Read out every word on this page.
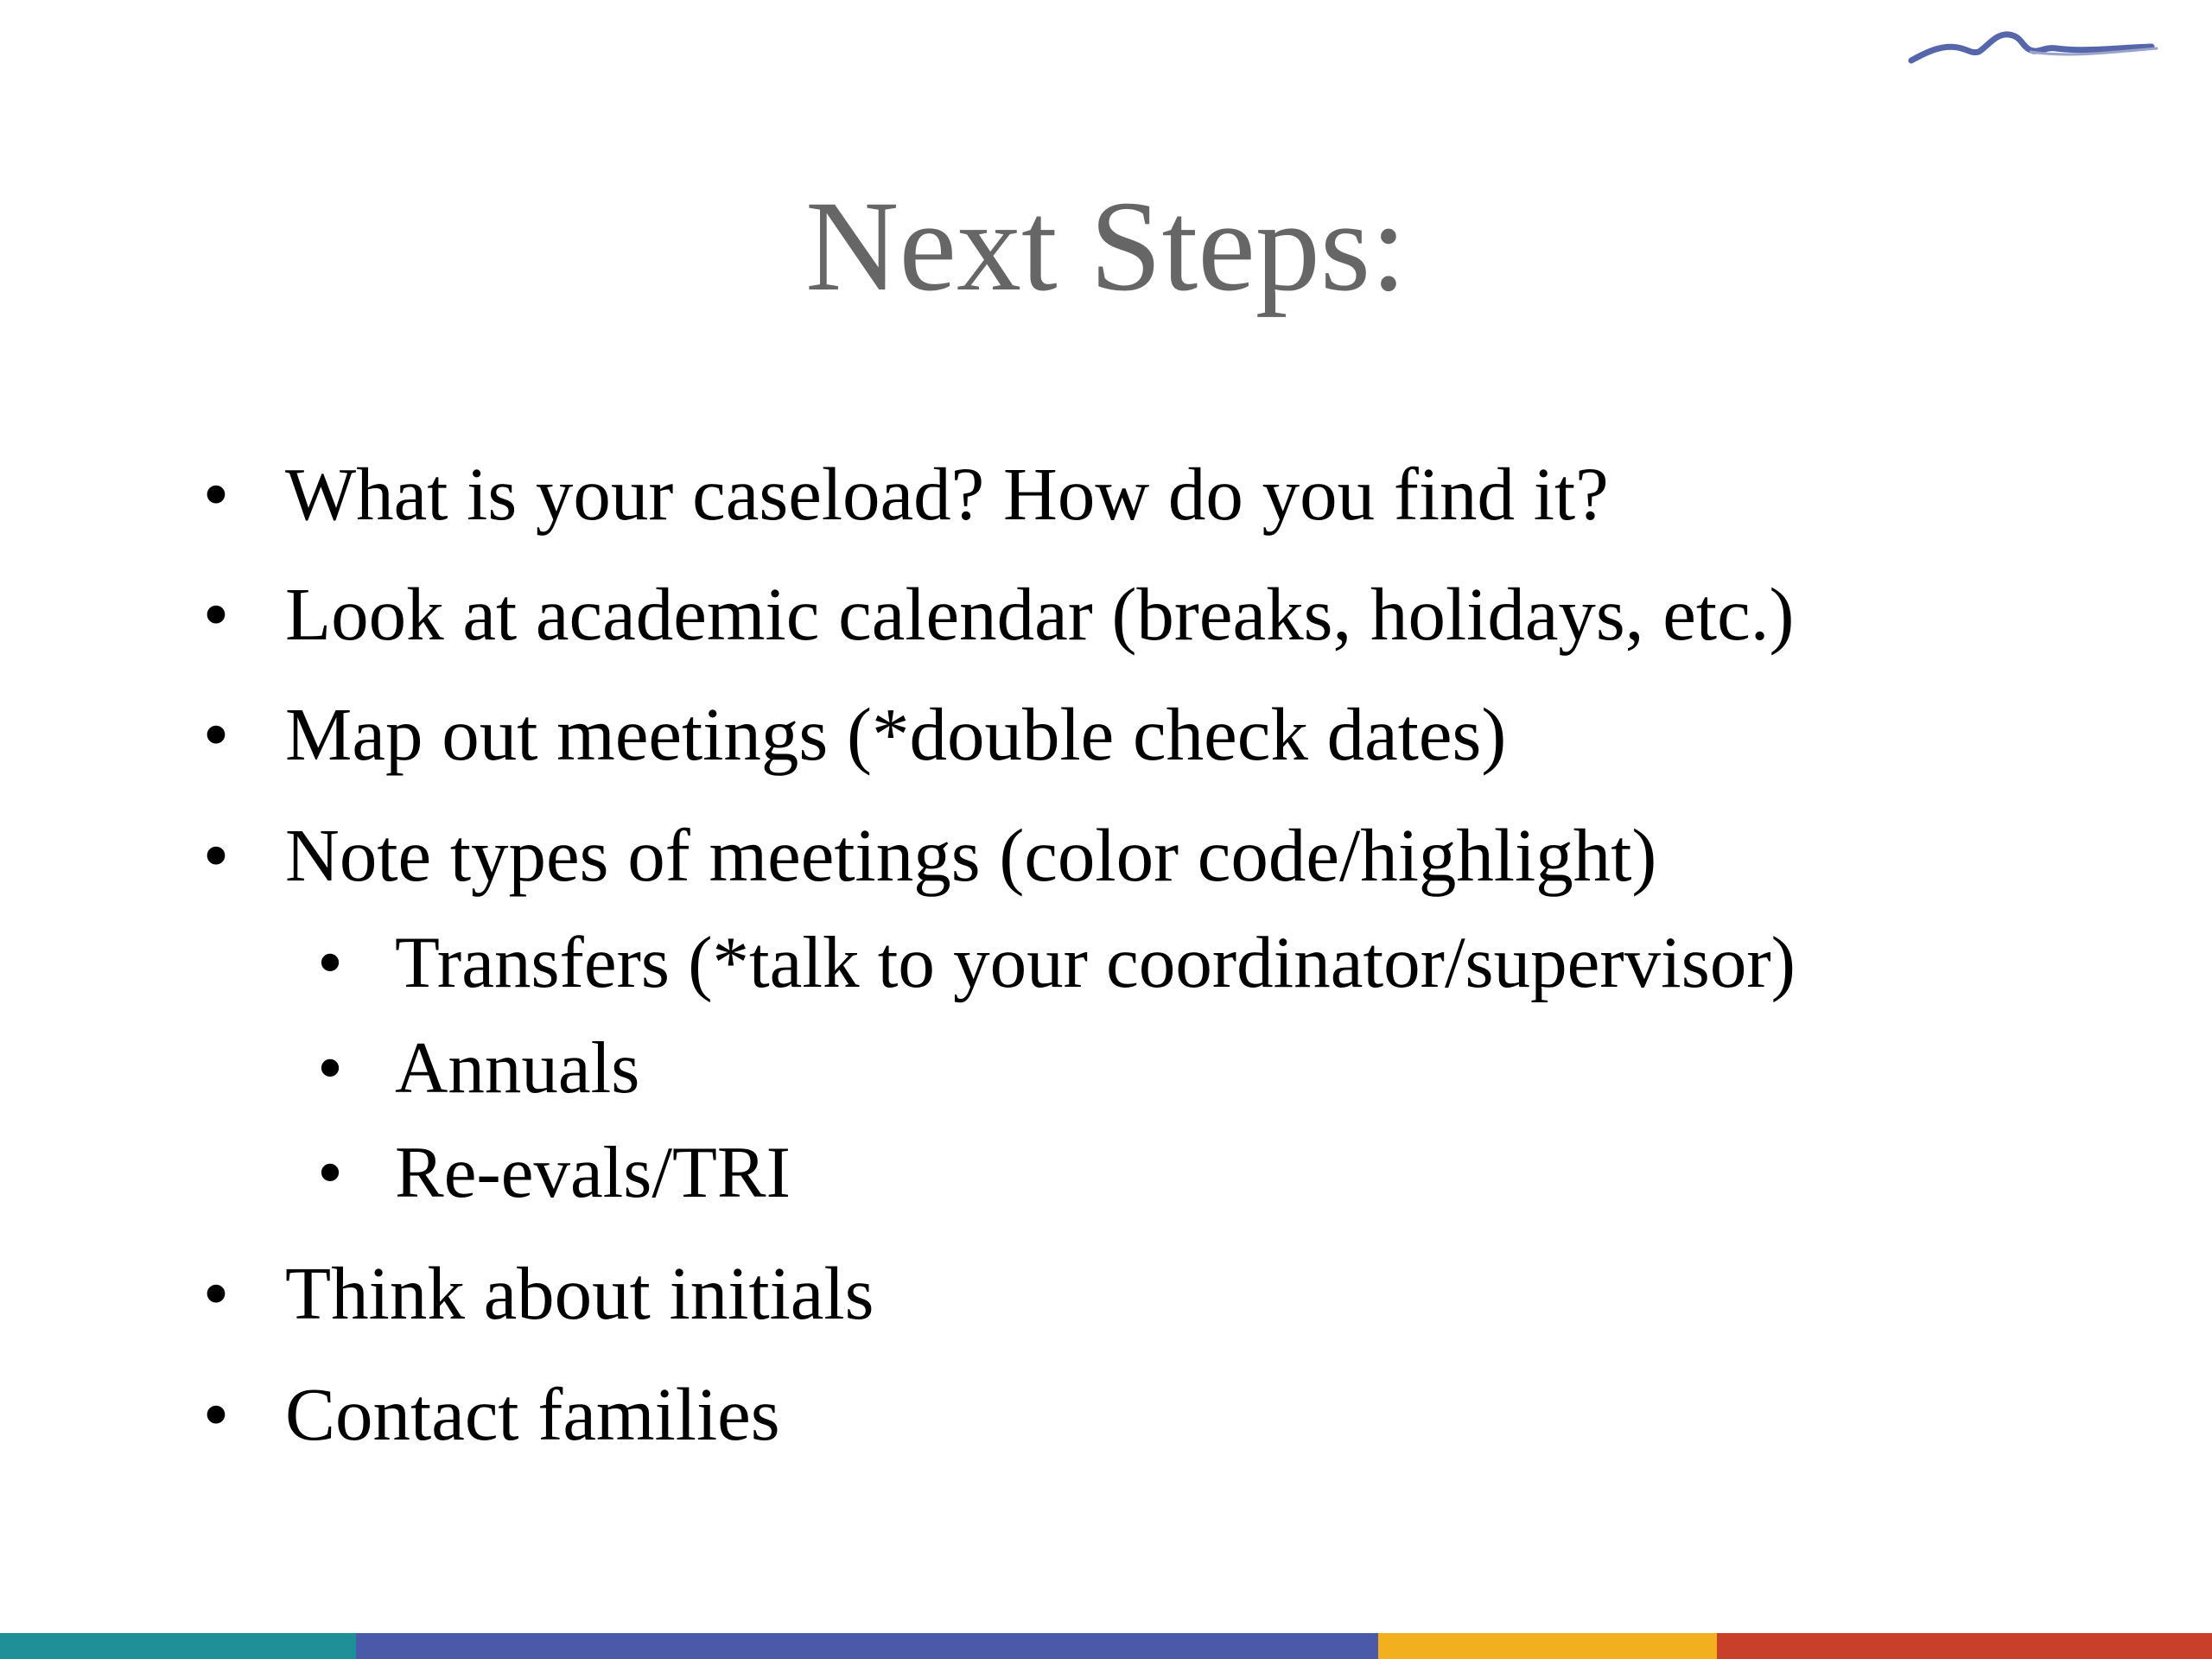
Next Steps:
• What is your caseload? How do you find it?
• Look at academic calendar (breaks, holidays, etc.)
• Map out meetings (*double check dates)
• Note types of meetings (color code/highlight)
• Transfers (*talk to your coordinator/supervisor)
• Annuals
• Re-evals/TRI
• Think about initials
• Contact families
